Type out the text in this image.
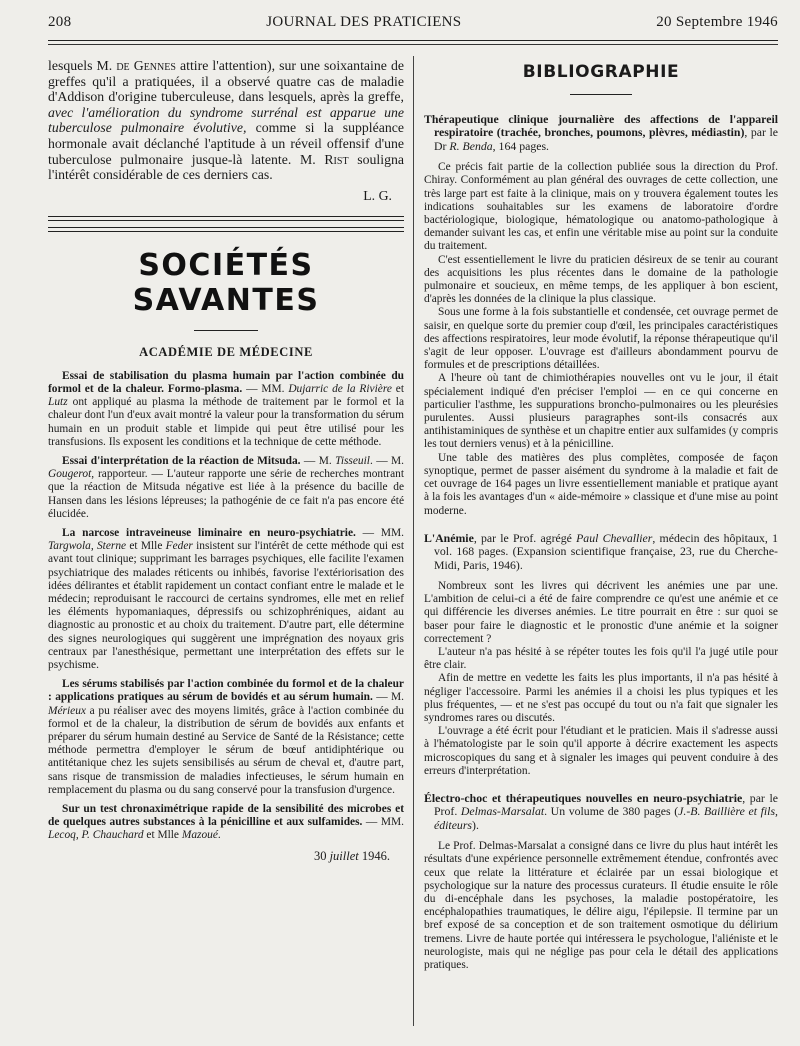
208	JOURNAL DES PRATICIENS	20 Septembre 1946

lesquels M. de Gennes attire l'attention), sur une soixantaine de greffes qu'il a pratiquées, il a observé quatre cas de maladie d'Addison d'origine tuberculeuse, dans lesquels, après la greffe, avec l'amélioration du syndrome surrénal est apparue une tuberculose pulmonaire évolutive, comme si la suppléance hormonale avait déclanché l'aptitude à un réveil offensif d'une tuberculose pulmonaire jusque-là latente. M. Rist souligna l'intérêt considérable de ces derniers cas.

L. G.
SOCIÉTÉS SAVANTES
ACADÉMIE DE MÉDECINE

Essai de stabilisation du plasma humain par l'action combinée du formol et de la chaleur. Formo-plasma. — MM. Dujarric de la Rivière et Lutz ont appliqué au plasma la méthode de traitement par le formol et la chaleur dont l'un d'eux avait montré la valeur pour la transformation du sérum humain en un produit stable et limpide qui peut être utilisé pour les transfusions. Ils exposent les conditions et la technique de cette méthode.

Essai d'interprétation de la réaction de Mitsuda. — M. Tisseuil. — M. Gougerot, rapporteur. — L'auteur rapporte une série de recherches montrant que la réaction de Mitsuda négative est liée à la présence du bacille de Hansen dans les lésions lépreuses; la pathogénie de ce fait n'a pas encore été élucidée.

La narcose intraveineuse liminaire en neuro-psychiatrie. — MM. Targwola, Sterne et Mlle Feder insistent sur l'intérêt de cette méthode qui est avant tout clinique; supprimant les barrages psychiques, elle facilite l'examen psychiatrique des malades réticents ou inhibés, favorise l'extériorisation des idées délirantes et établit rapidement un contact confiant entre le malade et le médecin; reproduisant le raccourci de certains syndromes, elle met en relief les éléments hypomaniaques, dépressifs ou schizophréniques, aidant au diagnostic au pronostic et au choix du traitement. D'autre part, elle détermine des signes neurologiques qui suggèrent une imprégnation des noyaux gris centraux par l'anesthésique, permettant une interprétation des effets sur le psychisme.

Les sérums stabilisés par l'action combinée du formol et de la chaleur : applications pratiques au sérum de bovidés et au sérum humain. — M. Mérieux a pu réaliser avec des moyens limités, grâce à l'action combinée du formol et de la chaleur, la distribution de sérum de bovidés aux enfants et préparer du sérum humain destiné au Service de Santé de la Résistance; cette méthode permettra d'employer le sérum de bœuf antidiphtérique ou antitétanique chez les sujets sensibilisés au sérum de cheval et, d'autre part, sans risque de transmission de maladies infectieuses, le sérum humain en remplacement du plasma ou du sang conservé pour la transfusion d'urgence.

Sur un test chronaximétrique rapide de la sensibilité des microbes et de quelques autres substances à la pénicilline et aux sulfamides. — MM. Lecoq, P. Chauchard et Mlle Mazoué.

30 juillet 1946.
BIBLIOGRAPHIE

Thérapeutique clinique journalière des affections de l'appareil respiratoire (trachée, bronches, poumons, plèvres, médiastin), par le Dr R. Benda, 164 pages.

Ce précis fait partie de la collection publiée sous la direction du Prof. Chiray. Conformément au plan général des ouvrages de cette collection, une très large part est faite à la clinique, mais on y trouvera également toutes les indications souhaitables sur les examens de laboratoire d'ordre bactériologique, biologique, hématologique ou anatomo-pathologique à demander suivant les cas, et enfin une véritable mise au point sur la conduite du traitement.

C'est essentiellement le livre du praticien désireux de se tenir au courant des acquisitions les plus récentes dans le domaine de la pathologie pulmonaire et soucieux, en même temps, de les appliquer à bon escient, d'après les données de la clinique la plus classique.

Sous une forme à la fois substantielle et condensée, cet ouvrage permet de saisir, en quelque sorte du premier coup d'œil, les principales caractéristiques des affections respiratoires, leur mode évolutif, la réponse thérapeutique qu'il s'agit de leur opposer. L'ouvrage est d'ailleurs abondamment pourvu de formules et de prescriptions détaillées.

A l'heure où tant de chimiothérapies nouvelles ont vu le jour, il était spécialement indiqué d'en préciser l'emploi — en ce qui concerne en particulier l'asthme, les suppurations broncho-pulmonaires ou les pleurésies purulentes. Aussi plusieurs paragraphes sont-ils consacrés aux antihistaminiques de synthèse et un chapitre entier aux sulfamides (y compris les tout derniers venus) et à la pénicilline.

Une table des matières des plus complètes, composée de façon synoptique, permet de passer aisément du syndrome à la maladie et fait de cet ouvrage de 164 pages un livre essentiellement maniable et pratique ayant à la fois les avantages d'un « aide-mémoire » classique et d'une mise au point moderne.

L'Anémie, par le Prof. agrégé Paul Chevallier, médecin des hôpitaux, 1 vol. 168 pages. (Expansion scientifique française, 23, rue du Cherche-Midi, Paris, 1946).

Nombreux sont les livres qui décrivent les anémies une par une. L'ambition de celui-ci a été de faire comprendre ce qu'est une anémie et ce qui différencie les diverses anémies. Le titre pourrait en être : sur quoi se baser pour faire le diagnostic et le pronostic d'une anémie et la soigner correctement ?

L'auteur n'a pas hésité à se répéter toutes les fois qu'il l'a jugé utile pour être clair.

Afin de mettre en vedette les faits les plus importants, il n'a pas hésité à négliger l'accessoire. Parmi les anémies il a choisi les plus typiques et les plus fréquentes, — et ne s'est pas occupé du tout ou n'a fait que signaler les syndromes rares ou discutés.

L'ouvrage a été écrit pour l'étudiant et le praticien. Mais il s'adresse aussi à l'hématologiste par le soin qu'il apporte à décrire exactement les aspects microscopiques du sang et à signaler les images qui peuvent conduire à des erreurs d'interprétation.

Électro-choc et thérapeutiques nouvelles en neuro-psychiatrie, par le Prof. Delmas-Marsalat. Un volume de 380 pages (J.-B. Baillière et fils, éditeurs).

Le Prof. Delmas-Marsalat a consigné dans ce livre du plus haut intérêt les résultats d'une expérience personnelle extrêmement étendue, confrontés avec ceux que relate la littérature et éclairée par un essai biologique et psychologique sur la nature des processus curateurs. Il étudie ensuite le rôle du di-encéphale dans les psychoses, la maladie postopératoire, les encéphalopathies traumatiques, le délire aigu, l'épilepsie. Il termine par un bref exposé de sa conception et de son traitement osmotique du délirium tremens. Livre de haute portée qui intéressera le psychologue, l'aliéniste et le neurologiste, mais qui ne néglige pas pour cela le détail des applications pratiques.
